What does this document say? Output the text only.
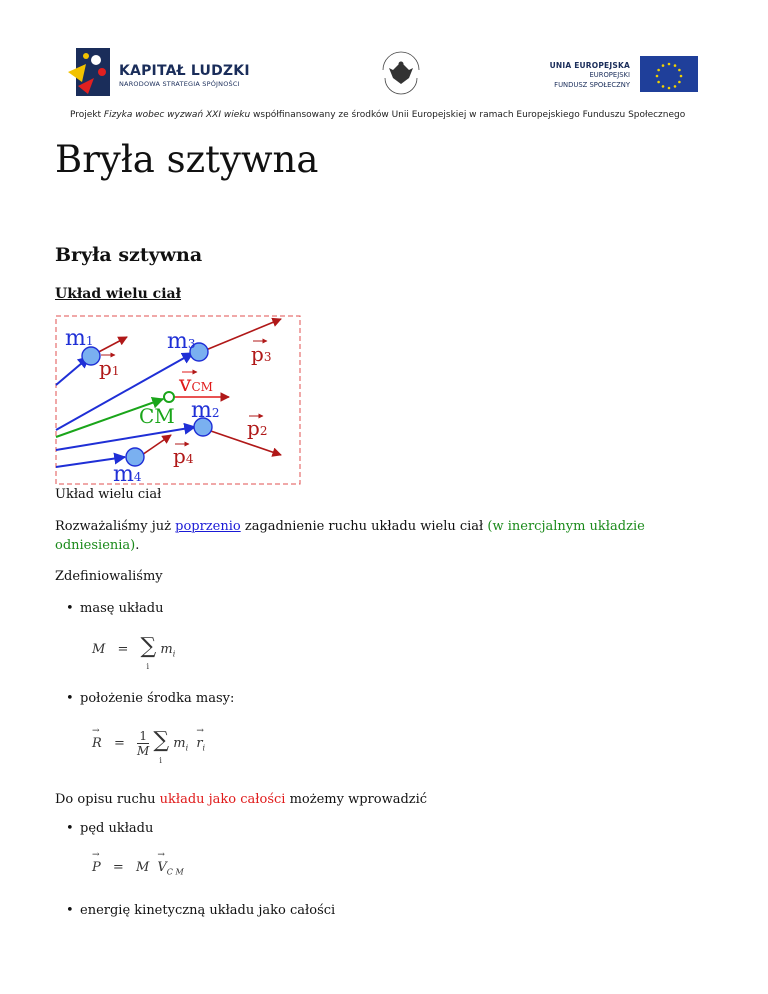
KAPITAŁ LUDZKI
NARODOWA STRATEGIA SPÓJNOŚCI
UNIA EUROPEJSKA
EUROPEJSKI
FUNDUSZ SPOŁECZNY
Projekt Fizyka wobec wyzwań XXI wieku współfinansowany ze środków Unii Europejskiej w ramach Europejskiego Funduszu Społecznego
Bryła sztywna
Bryła sztywna
Układ wielu ciał
m1	m3
m2
m4
CM
vCM
p1
p3
p2
p4
Układ wielu ciał

Rozważaliśmy już poprzenio zagadnienie ruchu układu wielu ciał (w inercjalnym układzie odniesienia).

Zdefiniowaliśmy

• masę układu
M = ∑
i
$m_i$
• położenie środka masy:
→ $R = \frac{1}{M}$ ∑
i
$m_i \to r_i$

Do opisu ruchu układu jako całości możemy wprowadzić

• pęd układu
→ $P = M \to V_{C M}$
• energię kinetyczną układu jako całości
